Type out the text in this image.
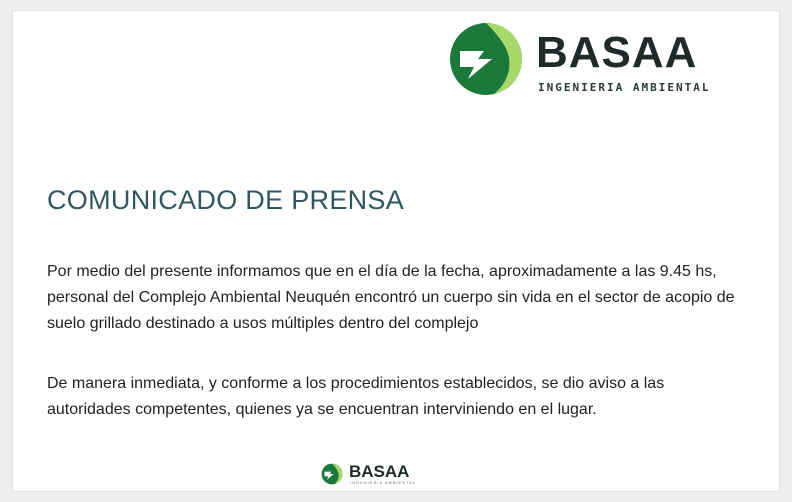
BASAA
INGENIERIA AMBIENTAL
COMUNICADO DE PRENSA

Por medio del presente informamos que en el día de la fecha, aproximadamente a las 9.45 hs, personal del Complejo Ambiental Neuquén encontró un cuerpo sin vida en el sector de acopio de suelo grillado destinado a usos múltiples dentro del complejo

De manera inmediata, y conforme a los procedimientos establecidos, se dio aviso a las autoridades competentes, quienes ya se encuentran interviniendo en el lugar.

BASAA
INGENIERIA AMBIENTAL
